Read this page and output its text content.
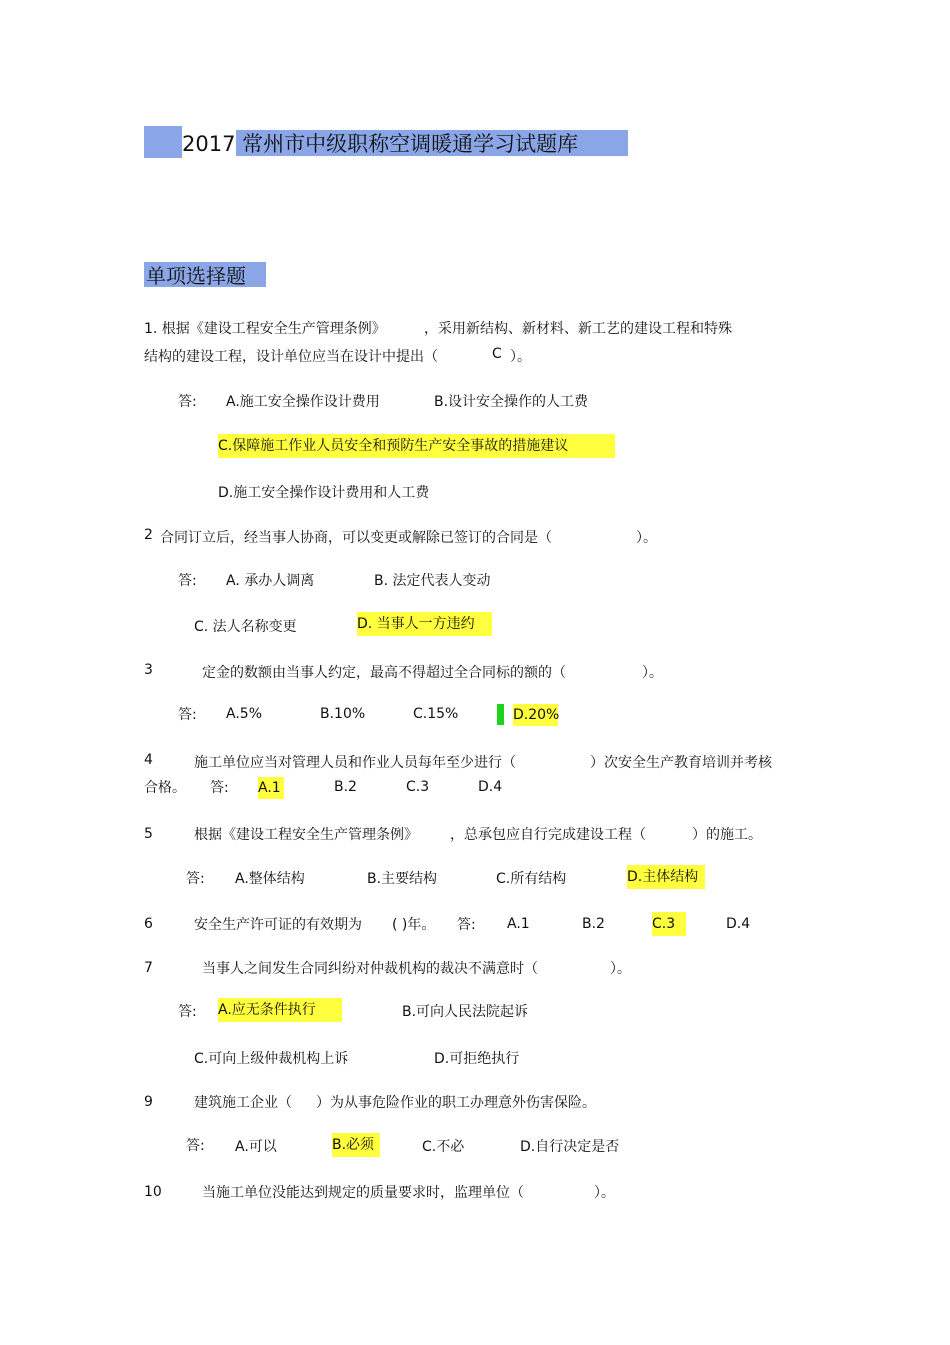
2017 常州市中级职称空调暖通学习试题库
单项选择题
1. 根据《建设工程安全生产管理条例》	，采用新结构、新材料、新工艺的建设工程和特殊
结构的建设工程，设计单位应当在设计中提出（	C ）。
答: A.施工安全操作设计费用	B.设计安全操作的人工费
C.保障施工作业人员安全和预防生产安全事故的措施建议
D.施工安全操作设计费用和人工费
2 合同订立后，经当事人协商，可以变更或解除已签订的合同是（	）。
答: A. 承办人调离	B. 法定代表人变动
C. 法人名称变更	D. 当事人一方违约
3	定金的数额由当事人约定，最高不得超过全合同标的额的（	）。
答: A.5%	B.10%	C.15%	D.20%
4	施工单位应当对管理人员和作业人员每年至少进行（	）次安全生产教育培训并考核
合格。 答: A.1	B.2	C.3	D.4
5	根据《建设工程安全生产管理条例》 ，总承包应自行完成建设工程（	）的施工。
答: A.整体结构	B.主要结构	C.所有结构	D.主体结构
6	安全生产许可证的有效期为 ( )年。 答: A.1	B.2	C.3	D.4
7	当事人之间发生合同纠纷对仲裁机构的裁决不满意时（	）。
答: A.应无条件执行	B.可向人民法院起诉
C.可向上级仲裁机构上诉	D.可拒绝执行
9	建筑施工企业（ ）为从事危险作业的职工办理意外伤害保险。
答: A.可以	B.必须	C.不必	D.自行决定是否
10	当施工单位没能达到规定的质量要求时，监理单位（	）。
